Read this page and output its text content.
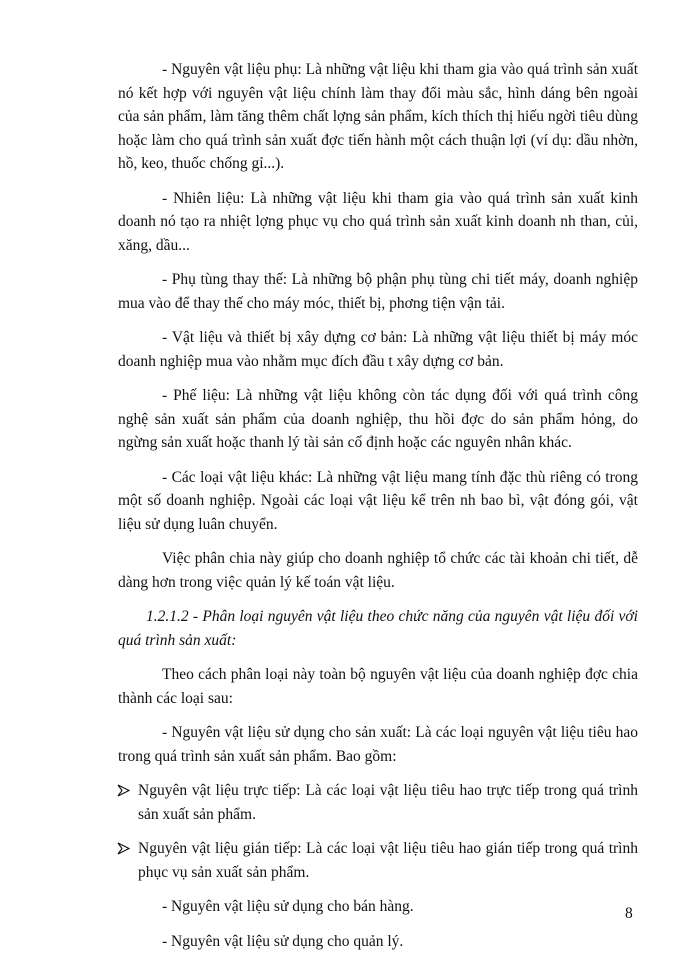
- Nguyên vật liệu phụ: Là những vật liệu khi tham gia vào quá trình sản xuất nó kết hợp với nguyên vật liệu chính làm thay đổi màu sắc, hình dáng bên ngoài của sản phẩm, làm tăng thêm chất lợng sản phẩm, kích thích thị hiếu ngời tiêu dùng hoặc làm cho quá trình sản xuất đợc tiến hành một cách thuận lợi (ví dụ: dầu nhờn, hồ, keo, thuốc chống gỉ...).

- Nhiên liệu: Là những vật liệu khi tham gia vào quá trình sản xuất kinh doanh nó tạo ra nhiệt lợng phục vụ cho quá trình sản xuất kinh doanh nh than, củi, xăng, dầu...

- Phụ tùng thay thế: Là những bộ phận phụ tùng chi tiết máy, doanh nghiệp mua vào để thay thế cho máy móc, thiết bị, phơng tiện vận tải.

- Vật liệu và thiết bị xây dựng cơ bản: Là những vật liệu thiết bị máy móc doanh nghiệp mua vào nhằm mục đích đầu t xây dựng cơ bản.

- Phế liệu: Là những vật liệu không còn tác dụng đối với quá trình công nghệ sản xuất sản phẩm của doanh nghiệp, thu hồi đợc do sản phẩm hỏng, do ngừng sản xuất hoặc thanh lý tài sản cố định hoặc các nguyên nhân khác.

- Các loại vật liệu khác: Là những vật liệu mang tính đặc thù riêng có trong một số doanh nghiệp. Ngoài các loại vật liệu kể trên nh bao bì, vật đóng gói, vật liệu sử dụng luân chuyển.

Việc phân chia này giúp cho doanh nghiệp tổ chức các tài khoản chi tiết, dễ dàng hơn trong việc quản lý kế toán vật liệu.

1.2.1.2 - Phân loại nguyên vật liệu theo chức năng của nguyên vật liệu đối với quá trình sản xuất:

Theo cách phân loại này toàn bộ nguyên vật liệu của doanh nghiệp đợc chia thành các loại sau:

- Nguyên vật liệu sử dụng cho sản xuất: Là các loại nguyên vật liệu tiêu hao trong quá trình sản xuất sản phẩm. Bao gồm:

Nguyên vật liệu trực tiếp: Là các loại vật liệu tiêu hao trực tiếp trong quá trình sản xuất sản phẩm.
Nguyên vật liệu gián tiếp: Là các loại vật liệu tiêu hao gián tiếp trong quá trình phục vụ sản xuất sản phẩm.

- Nguyên vật liệu sử dụng cho bán hàng.

- Nguyên vật liệu sử dụng cho quản lý.

8
